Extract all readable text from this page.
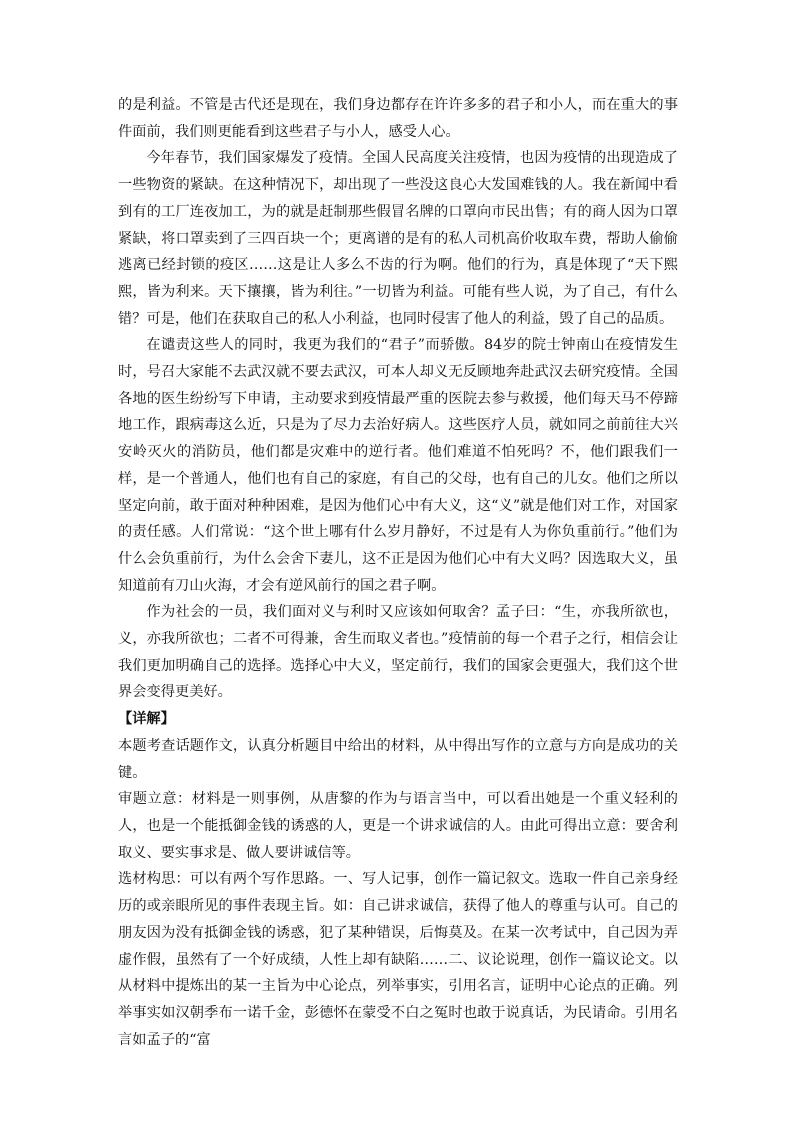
的是利益。不管是古代还是现在，我们身边都存在许许多多的君子和小人，而在重大的事件面前，我们则更能看到这些君子与小人，感受人心。

今年春节，我们国家爆发了疫情。全国人民高度关注疫情，也因为疫情的出现造成了一些物资的紧缺。在这种情况下，却出现了一些没这良心大发国难钱的人。我在新闻中看到有的工厂连夜加工，为的就是赶制那些假冒名牌的口罩向市民出售；有的商人因为口罩紧缺，将口罩卖到了三四百块一个；更离谱的是有的私人司机高价收取车费，帮助人偷偷逃离已经封锁的疫区……这是让人多么不齿的行为啊。他们的行为，真是体现了“天下熙熙，皆为利来。天下攘攘，皆为利往。”一切皆为利益。可能有些人说，为了自己，有什么错？可是，他们在获取自己的私人小利益，也同时侵害了他人的利益，毁了自己的品质。

在谴责这些人的同时，我更为我们的“君子”而骄傲。84岁的院士钟南山在疫情发生时，号召大家能不去武汉就不要去武汉，可本人却义无反顾地奔赴武汉去研究疫情。全国各地的医生纷纷写下申请，主动要求到疫情最严重的医院去参与救援，他们每天马不停蹄地工作，跟病毒这么近，只是为了尽力去治好病人。这些医疗人员，就如同之前前往大兴安岭灭火的消防员，他们都是灾难中的逆行者。他们难道不怕死吗？不，他们跟我们一样，是一个普通人，他们也有自己的家庭，有自己的父母，也有自己的儿女。他们之所以坚定向前，敢于面对种种困难，是因为他们心中有大义，这“义”就是他们对工作，对国家的责任感。人们常说：“这个世上哪有什么岁月静好，不过是有人为你负重前行。”他们为什么会负重前行，为什么会舍下妻儿，这不正是因为他们心中有大义吗？因选取大义，虽知道前有刀山火海，才会有逆风前行的国之君子啊。

作为社会的一员，我们面对义与利时又应该如何取舍？孟子曰：“生，亦我所欲也，义，亦我所欲也；二者不可得兼，舍生而取义者也。”疫情前的每一个君子之行，相信会让我们更加明确自己的选择。选择心中大义，坚定前行，我们的国家会更强大，我们这个世界会变得更美好。

【详解】

本题考查话题作文，认真分析题目中给出的材料，从中得出写作的立意与方向是成功的关键。

审题立意：材料是一则事例，从唐黎的作为与语言当中，可以看出她是一个重义轻利的人，也是一个能抵御金钱的诱惑的人，更是一个讲求诚信的人。由此可得出立意：要舍利取义、要实事求是、做人要讲诚信等。

选材构思：可以有两个写作思路。一、写人记事，创作一篇记叙文。选取一件自己亲身经历的或亲眼所见的事件表现主旨。如：自己讲求诚信，获得了他人的尊重与认可。自己的朋友因为没有抵御金钱的诱惑，犯了某种错误，后悔莫及。在某一次考试中，自己因为弄虚作假，虽然有了一个好成绩，人性上却有缺陷……二、议论说理，创作一篇议论文。以从材料中提炼出的某一主旨为中心论点，列举事实，引用名言，证明中心论点的正确。列举事实如汉朝季布一诺千金，彭德怀在蒙受不白之冤时也敢于说真话，为民请命。引用名言如孟子的“富
